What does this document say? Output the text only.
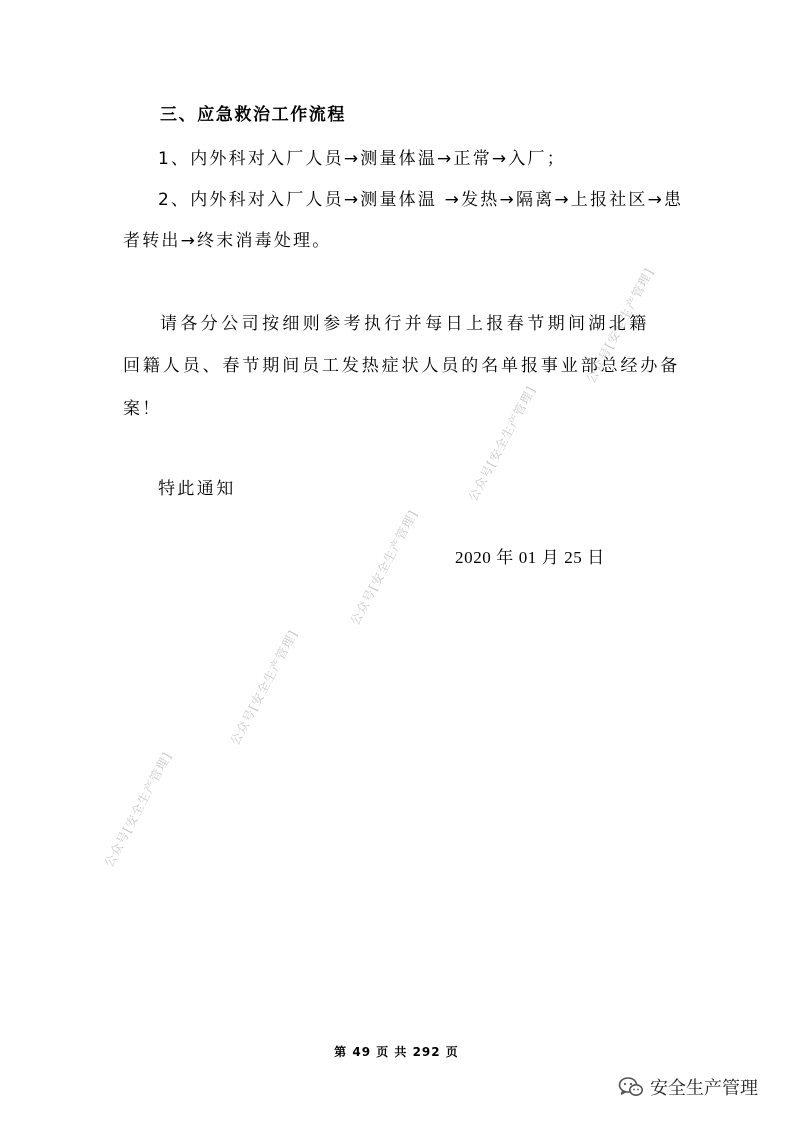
公众号[安全生产管理]
公众号[安全生产管理]
公众号[安全生产管理]
公众号[安全生产管理]
公众号[安全生产管理]
三、应急救治工作流程
1、内外科对入厂人员→测量体温→正常→入厂；
2、内外科对入厂人员→测量体温 →发热→隔离→上报社区→患
者转出→终末消毒处理。
请各分公司按细则参考执行并每日上报春节期间湖北籍
回籍人员、春节期间员工发热症状人员的名单报事业部总经办备
案！
特此通知
2020 年 01 月 25 日
第 49 页 共 292 页
安全生产管理
